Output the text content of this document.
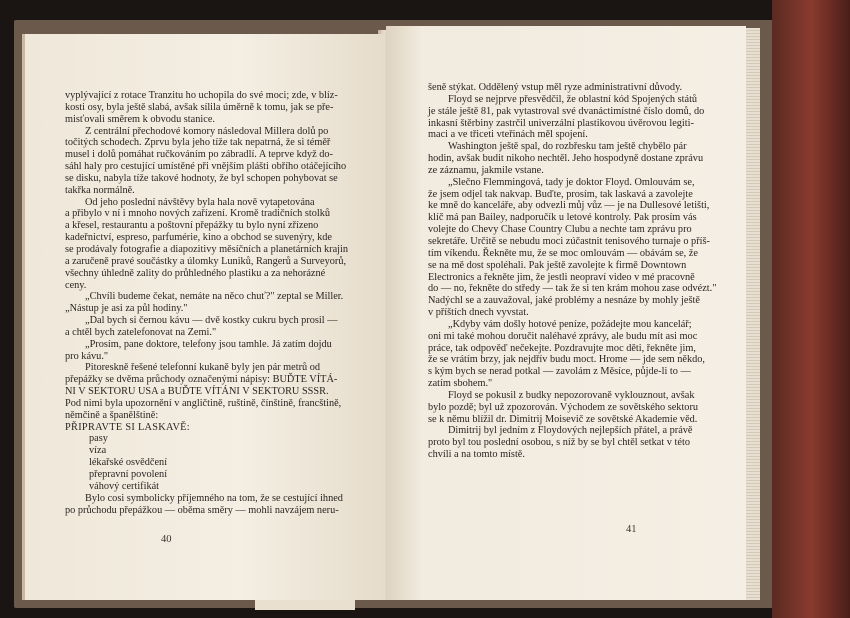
vyplývající z rotace Tranzitu ho uchopila do své moci; zde, v blíz-

kosti osy, byla ještě slabá, avšak sílila úměrně k tomu, jak se pře-

misťovali směrem k obvodu stanice.

Z centrální přechodové komory následoval Millera dolů po

točitých schodech. Zprvu byla jeho tíže tak nepatrná, že si téměř

musel i dolů pomáhat ručkováním po zábradlí. A teprve když do-

sáhl haly pro cestující umístěné při vnějším plášti obřího otáčejícího

se disku, nabyla tíže takové hodnoty, že byl schopen pohybovat se

takřka normálně.

Od jeho poslední návštěvy byla hala nově vytapetována

a přibylo v ní i mnoho nových zařízení. Kromě tradičních stolků

a křesel, restaurantu a poštovní přepážky tu bylo nyní zřízeno

kadeřnictví, espreso, parfumérie, kino a obchod se suvenýry, kde

se prodávaly fotografie a diapozitivy měsíčních a planetárních krajin

a zaručeně pravé součástky a úlomky Luniků, Rangerů a Surveyorů,

všechny úhledně zality do průhledného plastiku a za nehorázné

ceny.

„Chvíli budeme čekat, nemáte na něco chuť?" zeptal se Miller.

„Nástup je asi za půl hodiny."

„Dal bych si černou kávu — dvě kostky cukru bych prosil —

a chtěl bych zatelefonovat na Zemi."

„Prosím, pane doktore, telefony jsou tamhle. Já zatím dojdu

pro kávu."

Pitoreskně řešené telefonní kukaně byly jen pár metrů od

přepážky se dvěma průchody označenými nápisy: BUĎTE VÍTÁ-

NI V SEKTORU USA a BUĎTE VÍTÁNI V SEKTORU SSSR.

Pod nimi byla upozornění v angličtině, ruštině, čínštině, francštině,

němčině a španělštině:

PŘIPRAVTE SI LASKAVĚ:

pasy

víza

lékařské osvědčení

přepravní povolení

váhový certifikát

Bylo cosi symbolicky příjemného na tom, že se cestující ihned

po průchodu přepážkou — oběma směry — mohli navzájem neru-

40

šeně stýkat. Oddělený vstup měl ryze administrativní důvody.

Floyd se nejprve přesvědčil, že oblastní kód Spojených států

je stále ještě 81, pak vytastroval své dvanáctimístné číslo domů, do

inkasní štěrbiny zastrčil univerzální plastikovou úvěrovou legiti-

maci a ve třiceti vteřinách měl spojení.

Washington ještě spal, do rozbřesku tam ještě chybělo pár

hodin, avšak budit nikoho nechtěl. Jeho hospodyně dostane zprávu

ze záznamu, jakmile vstane.

„Slečno Flemmingová, tady je doktor Floyd. Omlouvám se,

že jsem odjel tak nakvap. Buďte, prosím, tak laskavá a zavolejte

ke mně do kanceláře, aby odvezli můj vůz — je na Dullesové letišti,

klíč má pan Bailey, nadporučík u letové kontroly. Pak prosím vás

volejte do Chevy Chase Country Clubu a nechte tam zprávu pro

sekretáře. Určitě se nebudu moci zúčastnit tenisového turnaje o příš-

tím víkendu. Řekněte mu, že se moc omlouvám — obávám se, že

se na mě dost spoléhali. Pak ještě zavolejte k firmě Downtown

Electronics a řekněte jim, že jestli neopraví video v mé pracovně

do — no, řekněte do středy — tak že si ten krám mohou zase odvézt."

Nadýchl se a zauvažoval, jaké problémy a nesnáze by mohly ještě

v příštích dnech vyvstat.

„Kdyby vám došly hotové peníze, požádejte mou kancelář;

oni mi také mohou doručit naléhavé zprávy, ale budu mít asi moc

práce, tak odpověď nečekejte. Pozdravujte moc děti, řekněte jim,

že se vrátím brzy, jak nejdřív budu moct. Hrome — jde sem někdo,

s kým bych se nerad potkal — zavolám z Měsíce, půjde-li to —

zatím sbohem."

Floyd se pokusil z budky nepozorovaně vyklouznout, avšak

bylo pozdě; byl už zpozorován. Východem ze sovětského sektoru

se k němu blížil dr. Dimitrij Moisevič ze sovětské Akademie věd.

Dimitrij byl jedním z Floydových nejlepších přátel, a právě

proto byl tou poslední osobou, s níž by se byl chtěl setkat v této

chvíli a na tomto místě.

41
